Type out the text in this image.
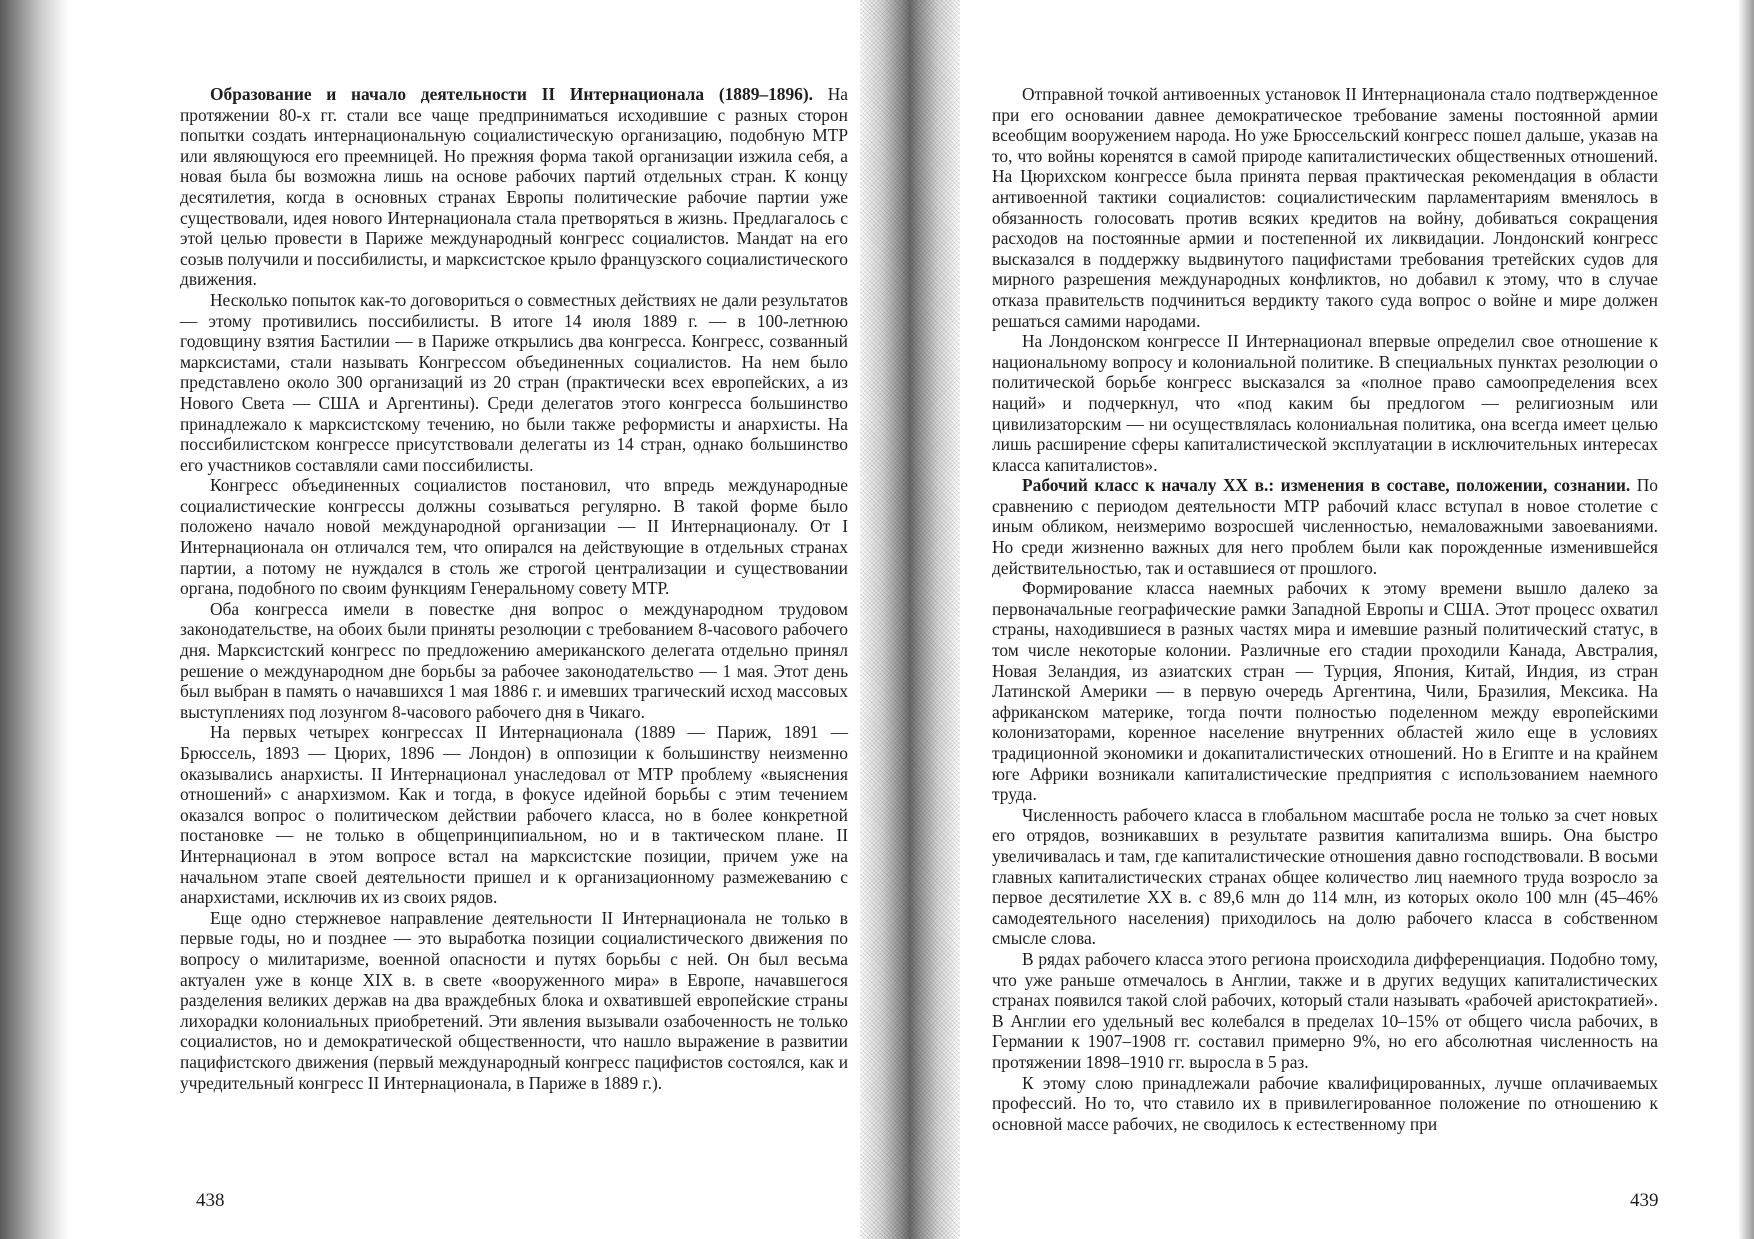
Образование и начало деятельности II Интернационала (1889–1896). На протяжении 80-х гг. стали все чаще предприниматься исходившие с разных сторон попытки создать интернациональную социалистическую организацию, подобную МТР или являющуюся его преемницей. Но прежняя форма такой организации изжила себя, а новая была бы возможна лишь на основе рабочих партий отдельных стран. К концу десятилетия, когда в основных странах Европы политические рабочие партии уже существовали, идея нового Интернационала стала претворяться в жизнь. Предлагалось с этой целью провести в Париже международный конгресс социалистов. Мандат на его созыв получили и поссибилисты, и марксистское крыло французского социалистического движения.

Несколько попыток как-то договориться о совместных действиях не дали результатов — этому противились поссибилисты. В итоге 14 июля 1889 г. — в 100-летнюю годовщину взятия Бастилии — в Париже открылись два конгресса. Конгресс, созванный марксистами, стали называть Конгрессом объединенных социалистов. На нем было представлено около 300 организаций из 20 стран (практически всех европейских, а из Нового Света — США и Аргентины). Среди делегатов этого конгресса большинство принадлежало к марксистскому течению, но были также реформисты и анархисты. На поссибилистском конгрессе присутствовали делегаты из 14 стран, однако большинство его участников составляли сами поссибилисты.

Конгресс объединенных социалистов постановил, что впредь международные социалистические конгрессы должны созываться регулярно. В такой форме было положено начало новой международной организации — II Интернационалу. От I Интернационала он отличался тем, что опирался на действующие в отдельных странах партии, а потому не нуждался в столь же строгой централизации и существовании органа, подобного по своим функциям Генеральному совету МТР.

Оба конгресса имели в повестке дня вопрос о международном трудовом законодательстве, на обоих были приняты резолюции с требованием 8-часового рабочего дня. Марксистский конгресс по предложению американского делегата отдельно принял решение о международном дне борьбы за рабочее законодательство — 1 мая. Этот день был выбран в память о начавшихся 1 мая 1886 г. и имевших трагический исход массовых выступлениях под лозунгом 8-часового рабочего дня в Чикаго.

На первых четырех конгрессах II Интернационала (1889 — Париж, 1891 — Брюссель, 1893 — Цюрих, 1896 — Лондон) в оппозиции к большинству неизменно оказывались анархисты. II Интернационал унаследовал от МТР проблему «выяснения отношений» с анархизмом. Как и тогда, в фокусе идейной борьбы с этим течением оказался вопрос о политическом действии рабочего класса, но в более конкретной постановке — не только в общепринципиальном, но и в тактическом плане. II Интернационал в этом вопросе встал на марксистские позиции, причем уже на начальном этапе своей деятельности пришел и к организационному размежеванию с анархистами, исключив их из своих рядов.

Еще одно стержневое направление деятельности II Интернационала не только в первые годы, но и позднее — это выработка позиции социалистического движения по вопросу о милитаризме, военной опасности и путях борьбы с ней. Он был весьма актуален уже в конце XIX в. в свете «вооруженного мира» в Европе, начавшегося разделения великих держав на два враждебных блока и охватившей европейские страны лихорадки колониальных приобретений. Эти явления вызывали озабоченность не только социалистов, но и демократической общественности, что нашло выражение в развитии пацифистского движения (первый международный конгресс пацифистов состоялся, как и учредительный конгресс II Интернационала, в Париже в 1889 г.).

438

Отправной точкой антивоенных установок II Интернационала стало подтвержденное при его основании давнее демократическое требование замены постоянной армии всеобщим вооружением народа. Но уже Брюссельский конгресс пошел дальше, указав на то, что войны коренятся в самой природе капиталистических общественных отношений. На Цюрихском конгрессе была принята первая практическая рекомендация в области антивоенной тактики социалистов: социалистическим парламентариям вменялось в обязанность голосовать против всяких кредитов на войну, добиваться сокращения расходов на постоянные армии и постепенной их ликвидации. Лондонский конгресс высказался в поддержку выдвинутого пацифистами требования третейских судов для мирного разрешения международных конфликтов, но добавил к этому, что в случае отказа правительств подчиниться вердикту такого суда вопрос о войне и мире должен решаться самими народами.

На Лондонском конгрессе II Интернационал впервые определил свое отношение к национальному вопросу и колониальной политике. В специальных пунктах резолюции о политической борьбе конгресс высказался за «полное право самоопределения всех наций» и подчеркнул, что «под каким бы предлогом — религиозным или цивилизаторским — ни осуществлялась колониальная политика, она всегда имеет целью лишь расширение сферы капиталистической эксплуатации в исключительных интересах класса капиталистов».

Рабочий класс к началу XX в.: изменения в составе, положении, сознании. По сравнению с периодом деятельности МТР рабочий класс вступал в новое столетие с иным обликом, неизмеримо возросшей численностью, немаловажными завоеваниями. Но среди жизненно важных для него проблем были как порожденные изменившейся действительностью, так и оставшиеся от прошлого.

Формирование класса наемных рабочих к этому времени вышло далеко за первоначальные географические рамки Западной Европы и США. Этот процесс охватил страны, находившиеся в разных частях мира и имевшие разный политический статус, в том числе некоторые колонии. Различные его стадии проходили Канада, Австралия, Новая Зеландия, из азиатских стран — Турция, Япония, Китай, Индия, из стран Латинской Америки — в первую очередь Аргентина, Чили, Бразилия, Мексика. На африканском материке, тогда почти полностью поделенном между европейскими колонизаторами, коренное население внутренних областей жило еще в условиях традиционной экономики и докапиталистических отношений. Но в Египте и на крайнем юге Африки возникали капиталистические предприятия с использованием наемного труда.

Численность рабочего класса в глобальном масштабе росла не только за счет новых его отрядов, возникавших в результате развития капитализма вширь. Она быстро увеличивалась и там, где капиталистические отношения давно господствовали. В восьми главных капиталистических странах общее количество лиц наемного труда возросло за первое десятилетие XX в. с 89,6 млн до 114 млн, из которых около 100 млн (45–46% самодеятельного населения) приходилось на долю рабочего класса в собственном смысле слова.

В рядах рабочего класса этого региона происходила дифференциация. Подобно тому, что уже раньше отмечалось в Англии, также и в других ведущих капиталистических странах появился такой слой рабочих, который стали называть «рабочей аристократией». В Англии его удельный вес колебался в пределах 10–15% от общего числа рабочих, в Германии к 1907–1908 гг. составил примерно 9%, но его абсолютная численность на протяжении 1898–1910 гг. выросла в 5 раз.

К этому слою принадлежали рабочие квалифицированных, лучше оплачиваемых профессий. Но то, что ставило их в привилегированное положение по отношению к основной массе рабочих, не сводилось к естественному при

439
